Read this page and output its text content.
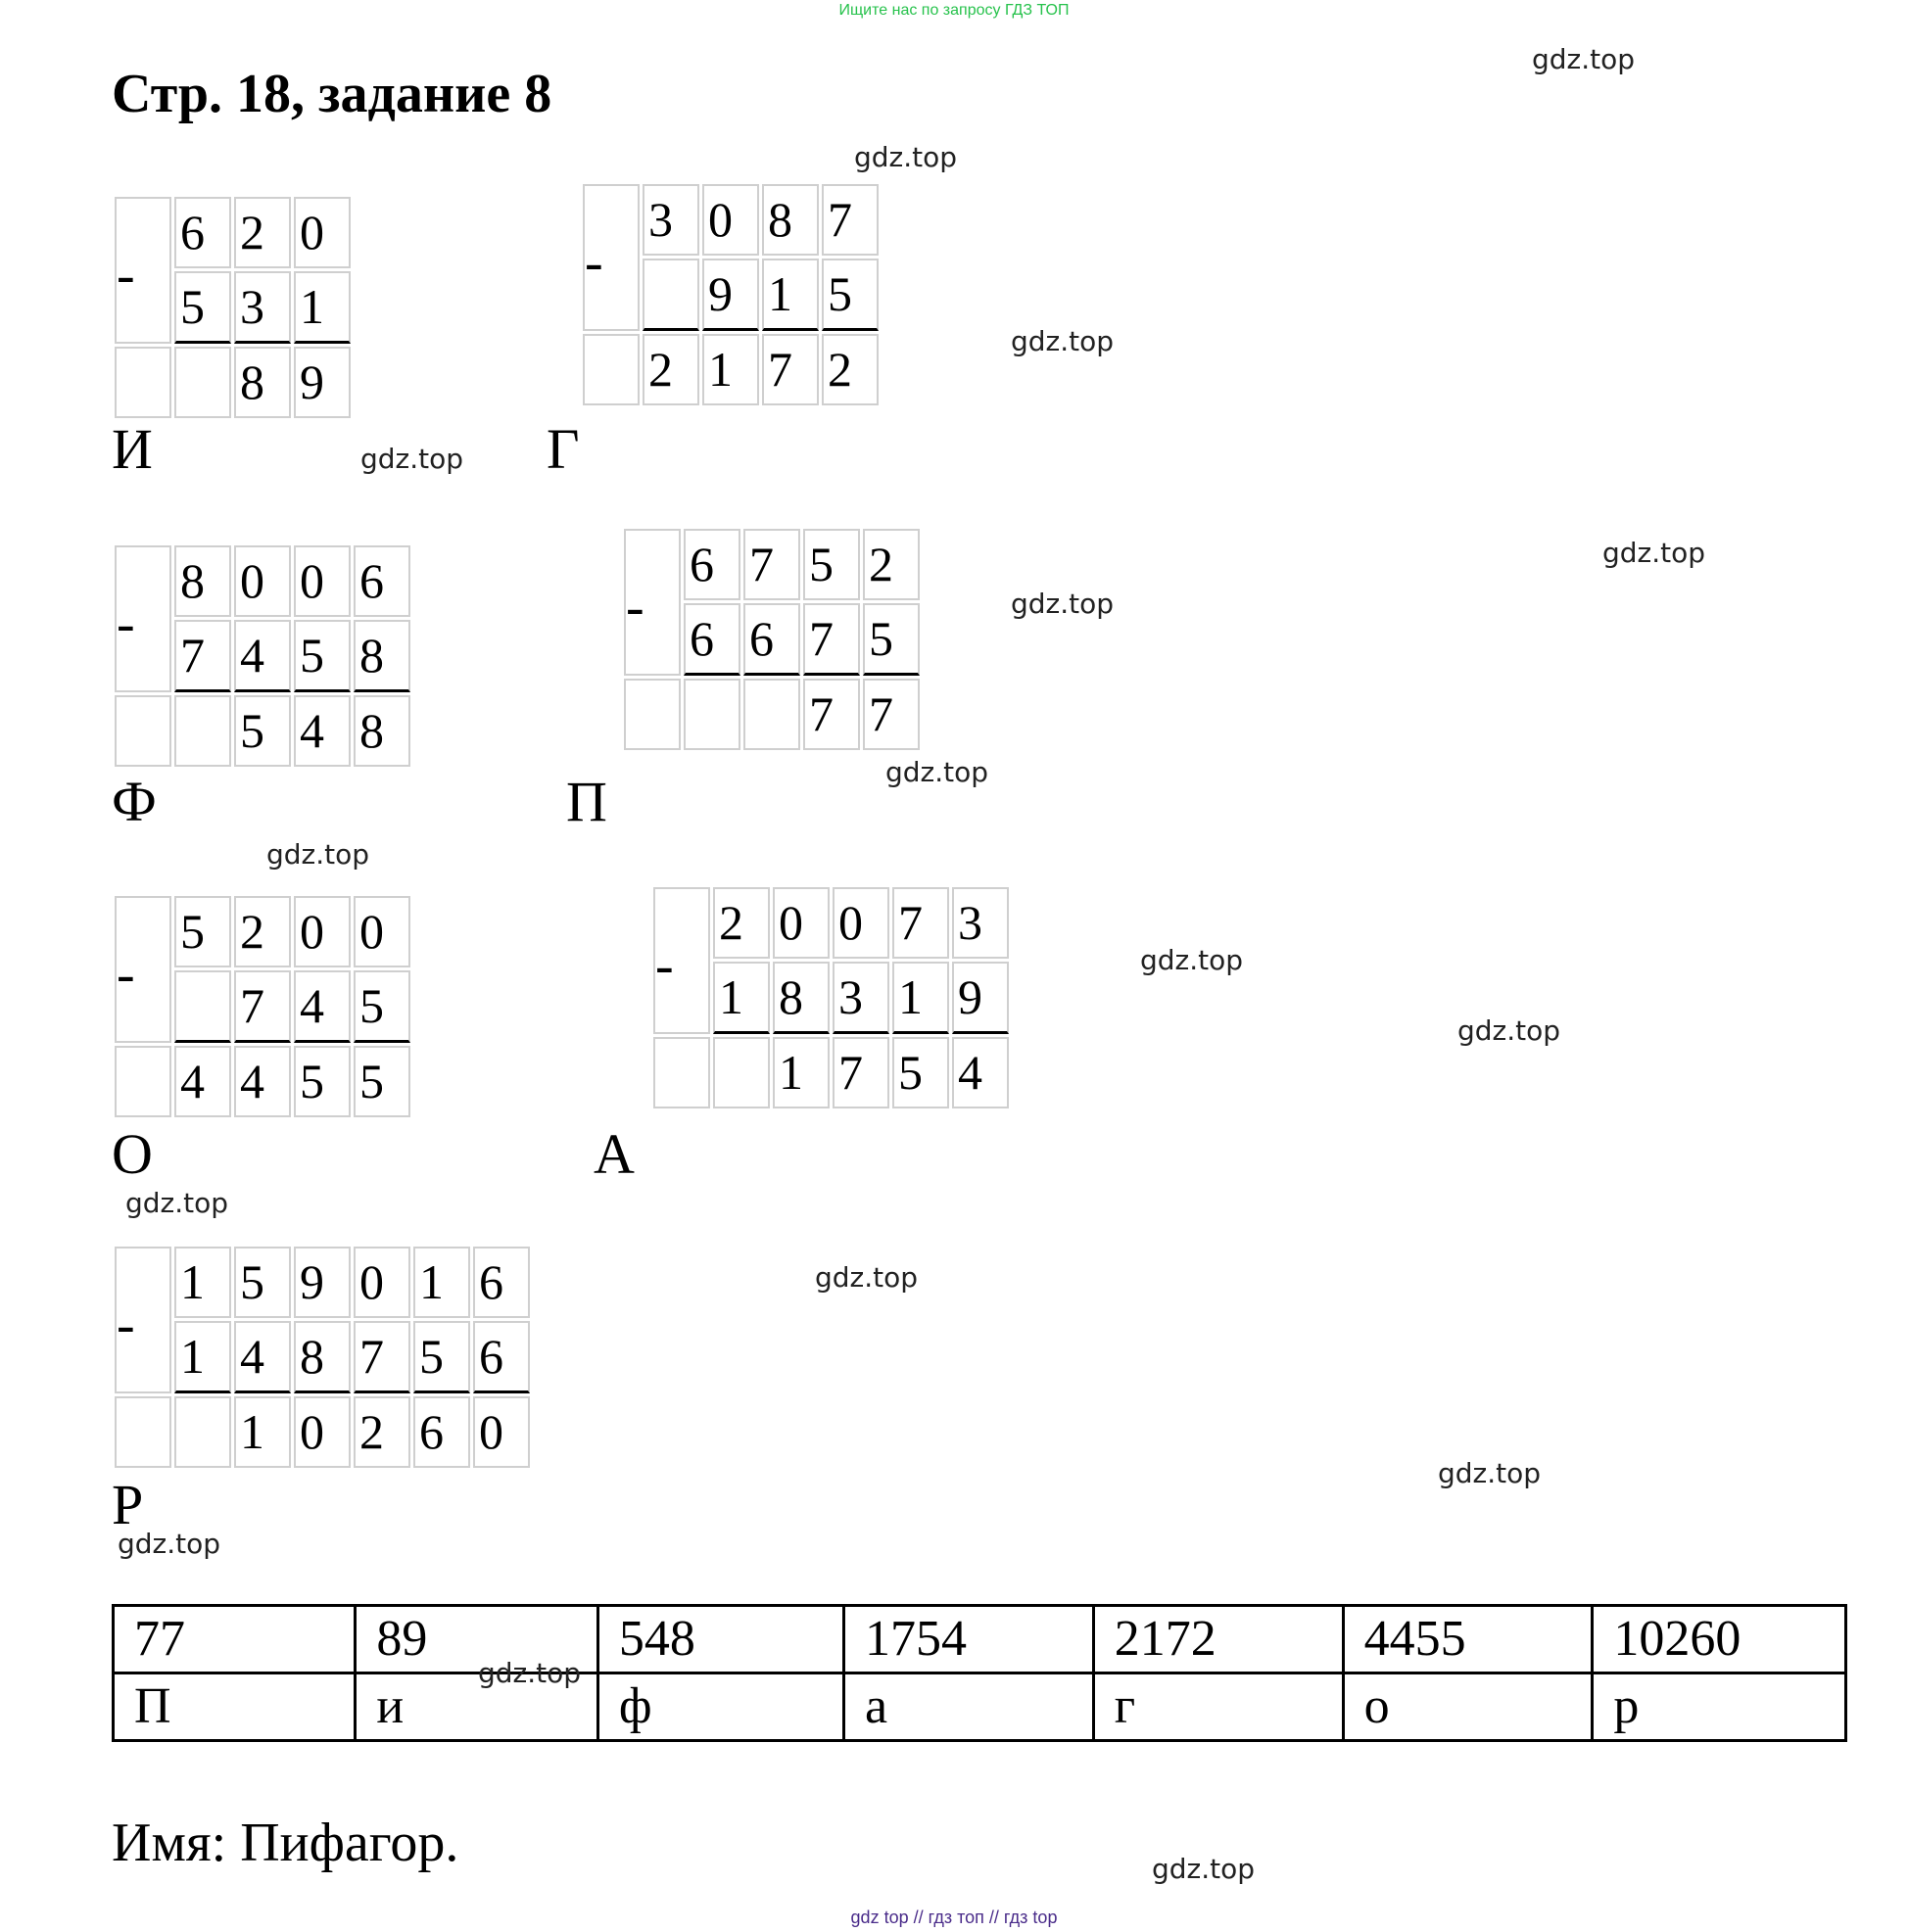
Ищите нас по запросу ГДЗ ТОП
Стр. 18, задание 8
-	6	2	0
	5	3	1
		8	9
И
-	3	0	8	7
		9	1	5
	2	1	7	2
Г
-	8	0	0	6
	7	4	5	8
		5	4	8
Ф
-	6	7	5	2
	6	6	7	5
			7	7
П
-	5	2	0	0
		7	4	5
	4	4	5	5
О
-	2	0	0	7	3
	1	8	3	1	9
		1	7	5	4
А
-	1	5	9	0	1	6
	1	4	8	7	5	6
		1	0	2	6	0
Р
77	89	548	1754	2172	4455	10260
П	и	ф	а	г	о	р
Имя: Пифагор.
gdz.top
gdz.top
gdz.top
gdz.top
gdz.top
gdz.top
gdz.top
gdz.top
gdz.top
gdz.top
gdz.top
gdz.top
gdz.top
gdz.top
gdz.top
gdz.top
gdz top // гдз топ // гдз top
